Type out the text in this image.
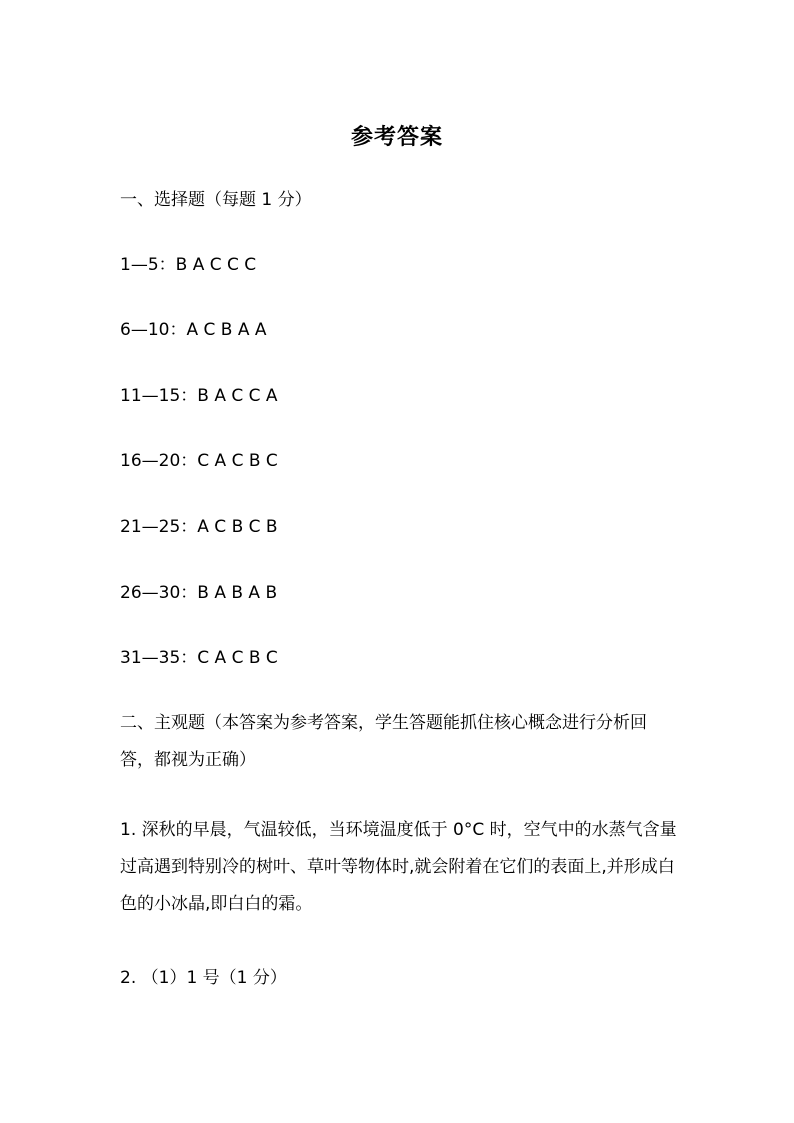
参考答案
一、选择题（每题 1 分）
1—5：B A C C C
6—10：A C B A A
11—15：B A C C A
16—20：C A C B C
21—25：A C B C B
26—30：B A B A B
31—35：C A C B C
二、主观题（本答案为参考答案，学生答题能抓住核心概念进行分析回答，都视为正确）
1. 深秋的早晨，气温较低，当环境温度低于 0°C 时，空气中的水蒸气含量过高遇到特别冷的树叶、草叶等物体时,就会附着在它们的表面上,并形成白色的小冰晶,即白白的霜。
2. （1）1 号（1 分）
